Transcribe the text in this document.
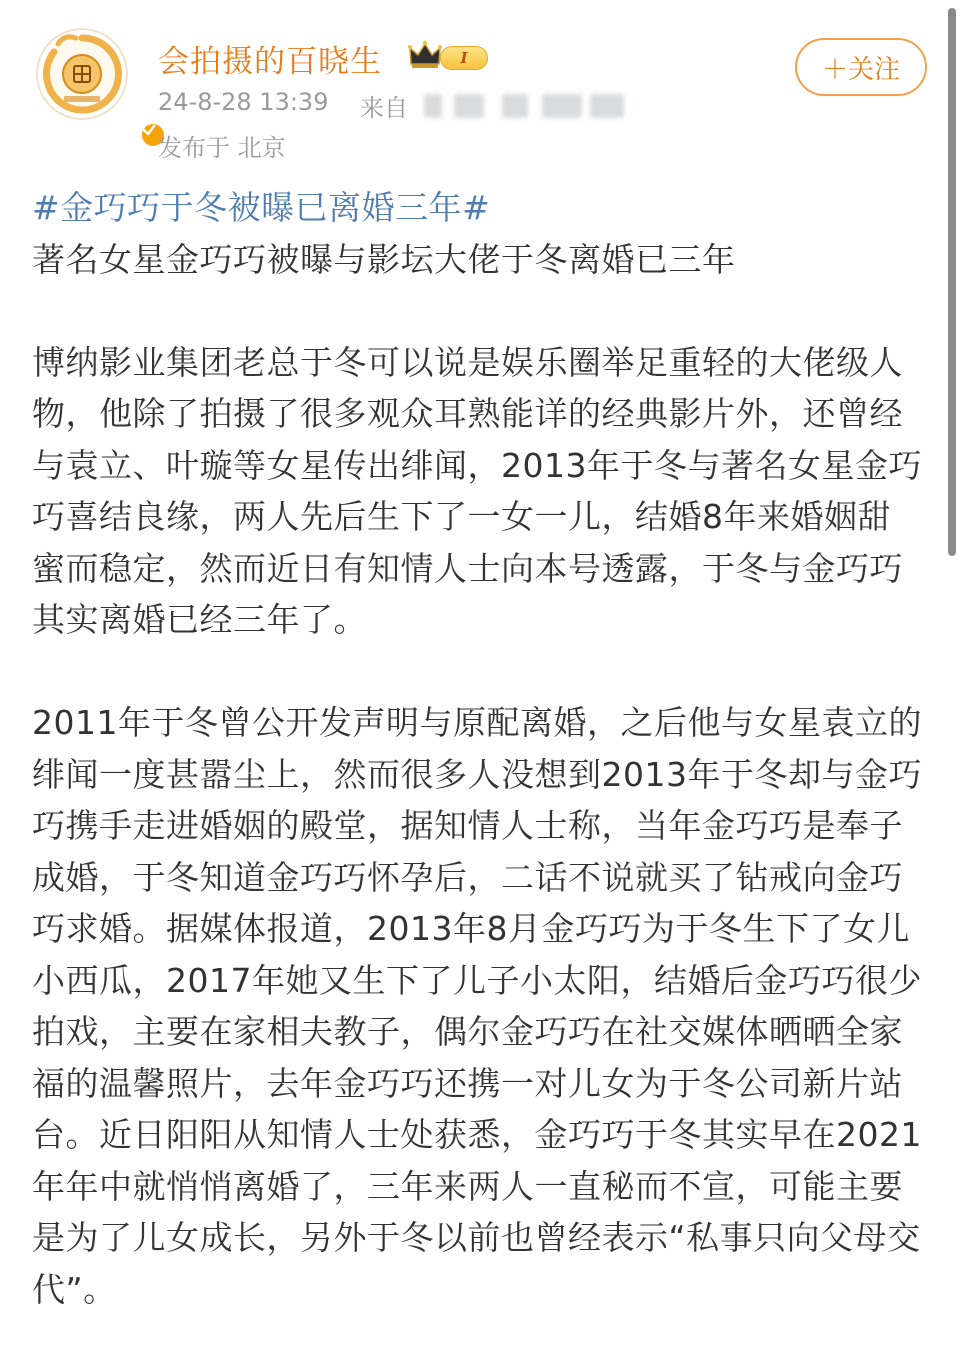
会拍摄的百晓生	I
24-8-28 13:39 来自
发布于 北京
＋关注
#金巧巧于冬被曝已离婚三年#

著名女星金巧巧被曝与影坛大佬于冬离婚已三年

博纳影业集团老总于冬可以说是娱乐圈举足重轻的大佬级人物，他除了拍摄了很多观众耳熟能详的经典影片外，还曾经与袁立、叶璇等女星传出绯闻，2013年于冬与著名女星金巧巧喜结良缘，两人先后生下了一女一儿，结婚8年来婚姻甜蜜而稳定，然而近日有知情人士向本号透露，于冬与金巧巧其实离婚已经三年了。

2011年于冬曾公开发声明与原配离婚，之后他与女星袁立的绯闻一度甚嚣尘上，然而很多人没想到2013年于冬却与金巧巧携手走进婚姻的殿堂，据知情人士称，当年金巧巧是奉子成婚，于冬知道金巧巧怀孕后，二话不说就买了钻戒向金巧巧求婚。据媒体报道，2013年8月金巧巧为于冬生下了女儿小西瓜，2017年她又生下了儿子小太阳，结婚后金巧巧很少拍戏，主要在家相夫教子，偶尔金巧巧在社交媒体晒晒全家福的温馨照片，去年金巧巧还携一对儿女为于冬公司新片站台。近日阳阳从知情人士处获悉，金巧巧于冬其实早在2021年年中就悄悄离婚了，三年来两人一直秘而不宣，可能主要是为了儿女成长，另外于冬以前也曾经表示“私事只向父母交代”。
